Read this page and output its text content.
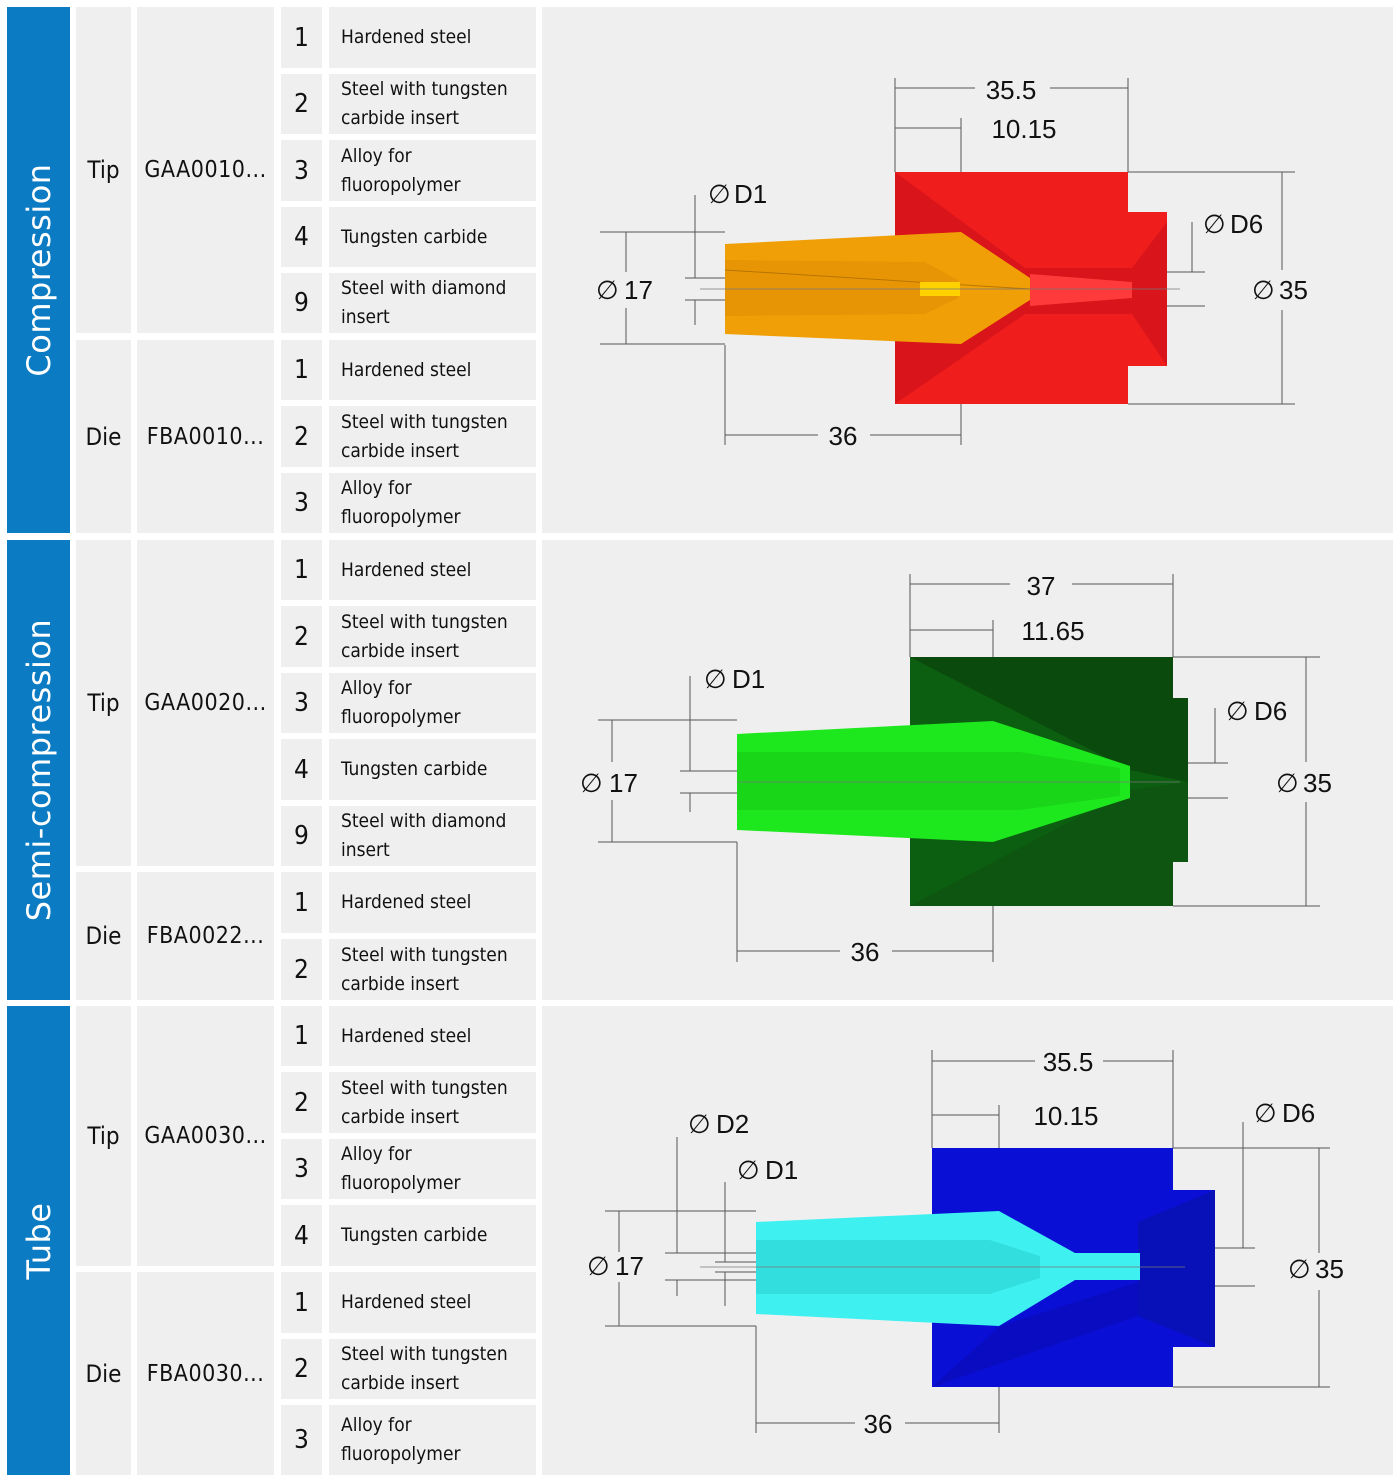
Compression	Tip	GAA0010...
1	Hardened steel
2	Steel with tungsten
carbide insert
3	Alloy for fluoropolymer
4	Tungsten carbide
9	Steel with diamond insert
Die	FBA0010...
1	Hardened steel
2	Steel with tungsten
carbide insert
3	Alloy for fluoropolymer
35.5
10.15
∅ D1
∅ D6
∅ 17	∅ 35
36
Semi-compression	Tip	GAA0020...
1	Hardened steel
2	Steel with tungsten
carbide insert
3	Alloy for fluoropolymer
4	Tungsten carbide
9	Steel with diamond insert
Die	FBA0022...
1	Hardened steel
2	Steel with tungsten
carbide insert
37
11.65
∅ D1
∅ D6
∅ 17	∅ 35
36
Tube
Tip	GAA0030...
1	Hardened steel
2	Steel with tungsten
carbide insert
3	Alloy for fluoropolymer
4	Tungsten carbide
Die	FBA0030...
1	Hardened steel
2	Steel with tungsten
carbide insert
3	Alloy for fluoropolymer
35.5
10.15
∅ D2
∅ D1
∅ D6
∅ 17	∅ 35
36
